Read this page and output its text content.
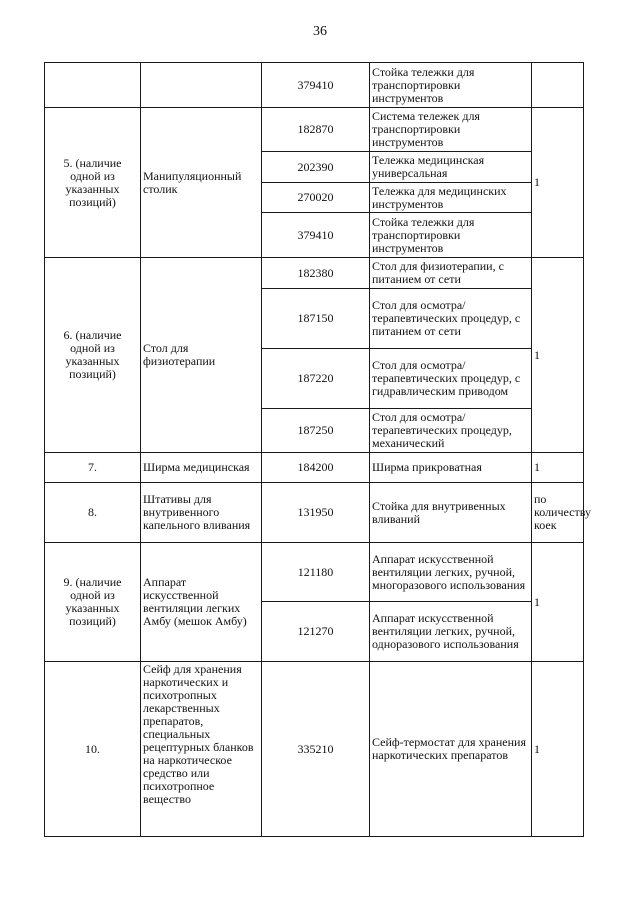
36
		379410	Стойка тележки для транспортировки инструментов	
5. (наличие одной из указанных позиций)	Манипуляционный столик	182870	Система тележек для транспортировки инструментов	1
		202390	Тележка медицинская универсальная	
		270020	Тележка для медицинских инструментов	
		379410	Стойка тележки для транспортировки инструментов	
6. (наличие одной из указанных позиций)	Стол для физиотерапии	182380	Стол для физиотерапии, с питанием от сети	1
		187150	Стол для осмотра/ терапевтических процедур, с питанием от сети	
		187220	Стол для осмотра/ терапевтических процедур, с гидравлическим приводом	
		187250	Стол для осмотра/ терапевтических процедур, механический	
7.	Ширма медицинская	184200	Ширма прикроватная	1
8.	Штативы для внутривенного капельного вливания	131950	Стойка для внутривенных вливаний	по количеству коек
9. (наличие одной из указанных позиций)	Аппарат искусственной вентиляции легких Амбу (мешок Амбу)	121180	Аппарат искусственной вентиляции легких, ручной, многоразового использования	1
		121270	Аппарат искусственной вентиляции легких, ручной, одноразового использования	
10.	Сейф для хранения наркотических и психотропных лекарственных препаратов, специальных рецептурных бланков на наркотическое средство или психотропное вещество	335210	Сейф-термостат для хранения наркотических препаратов	1
